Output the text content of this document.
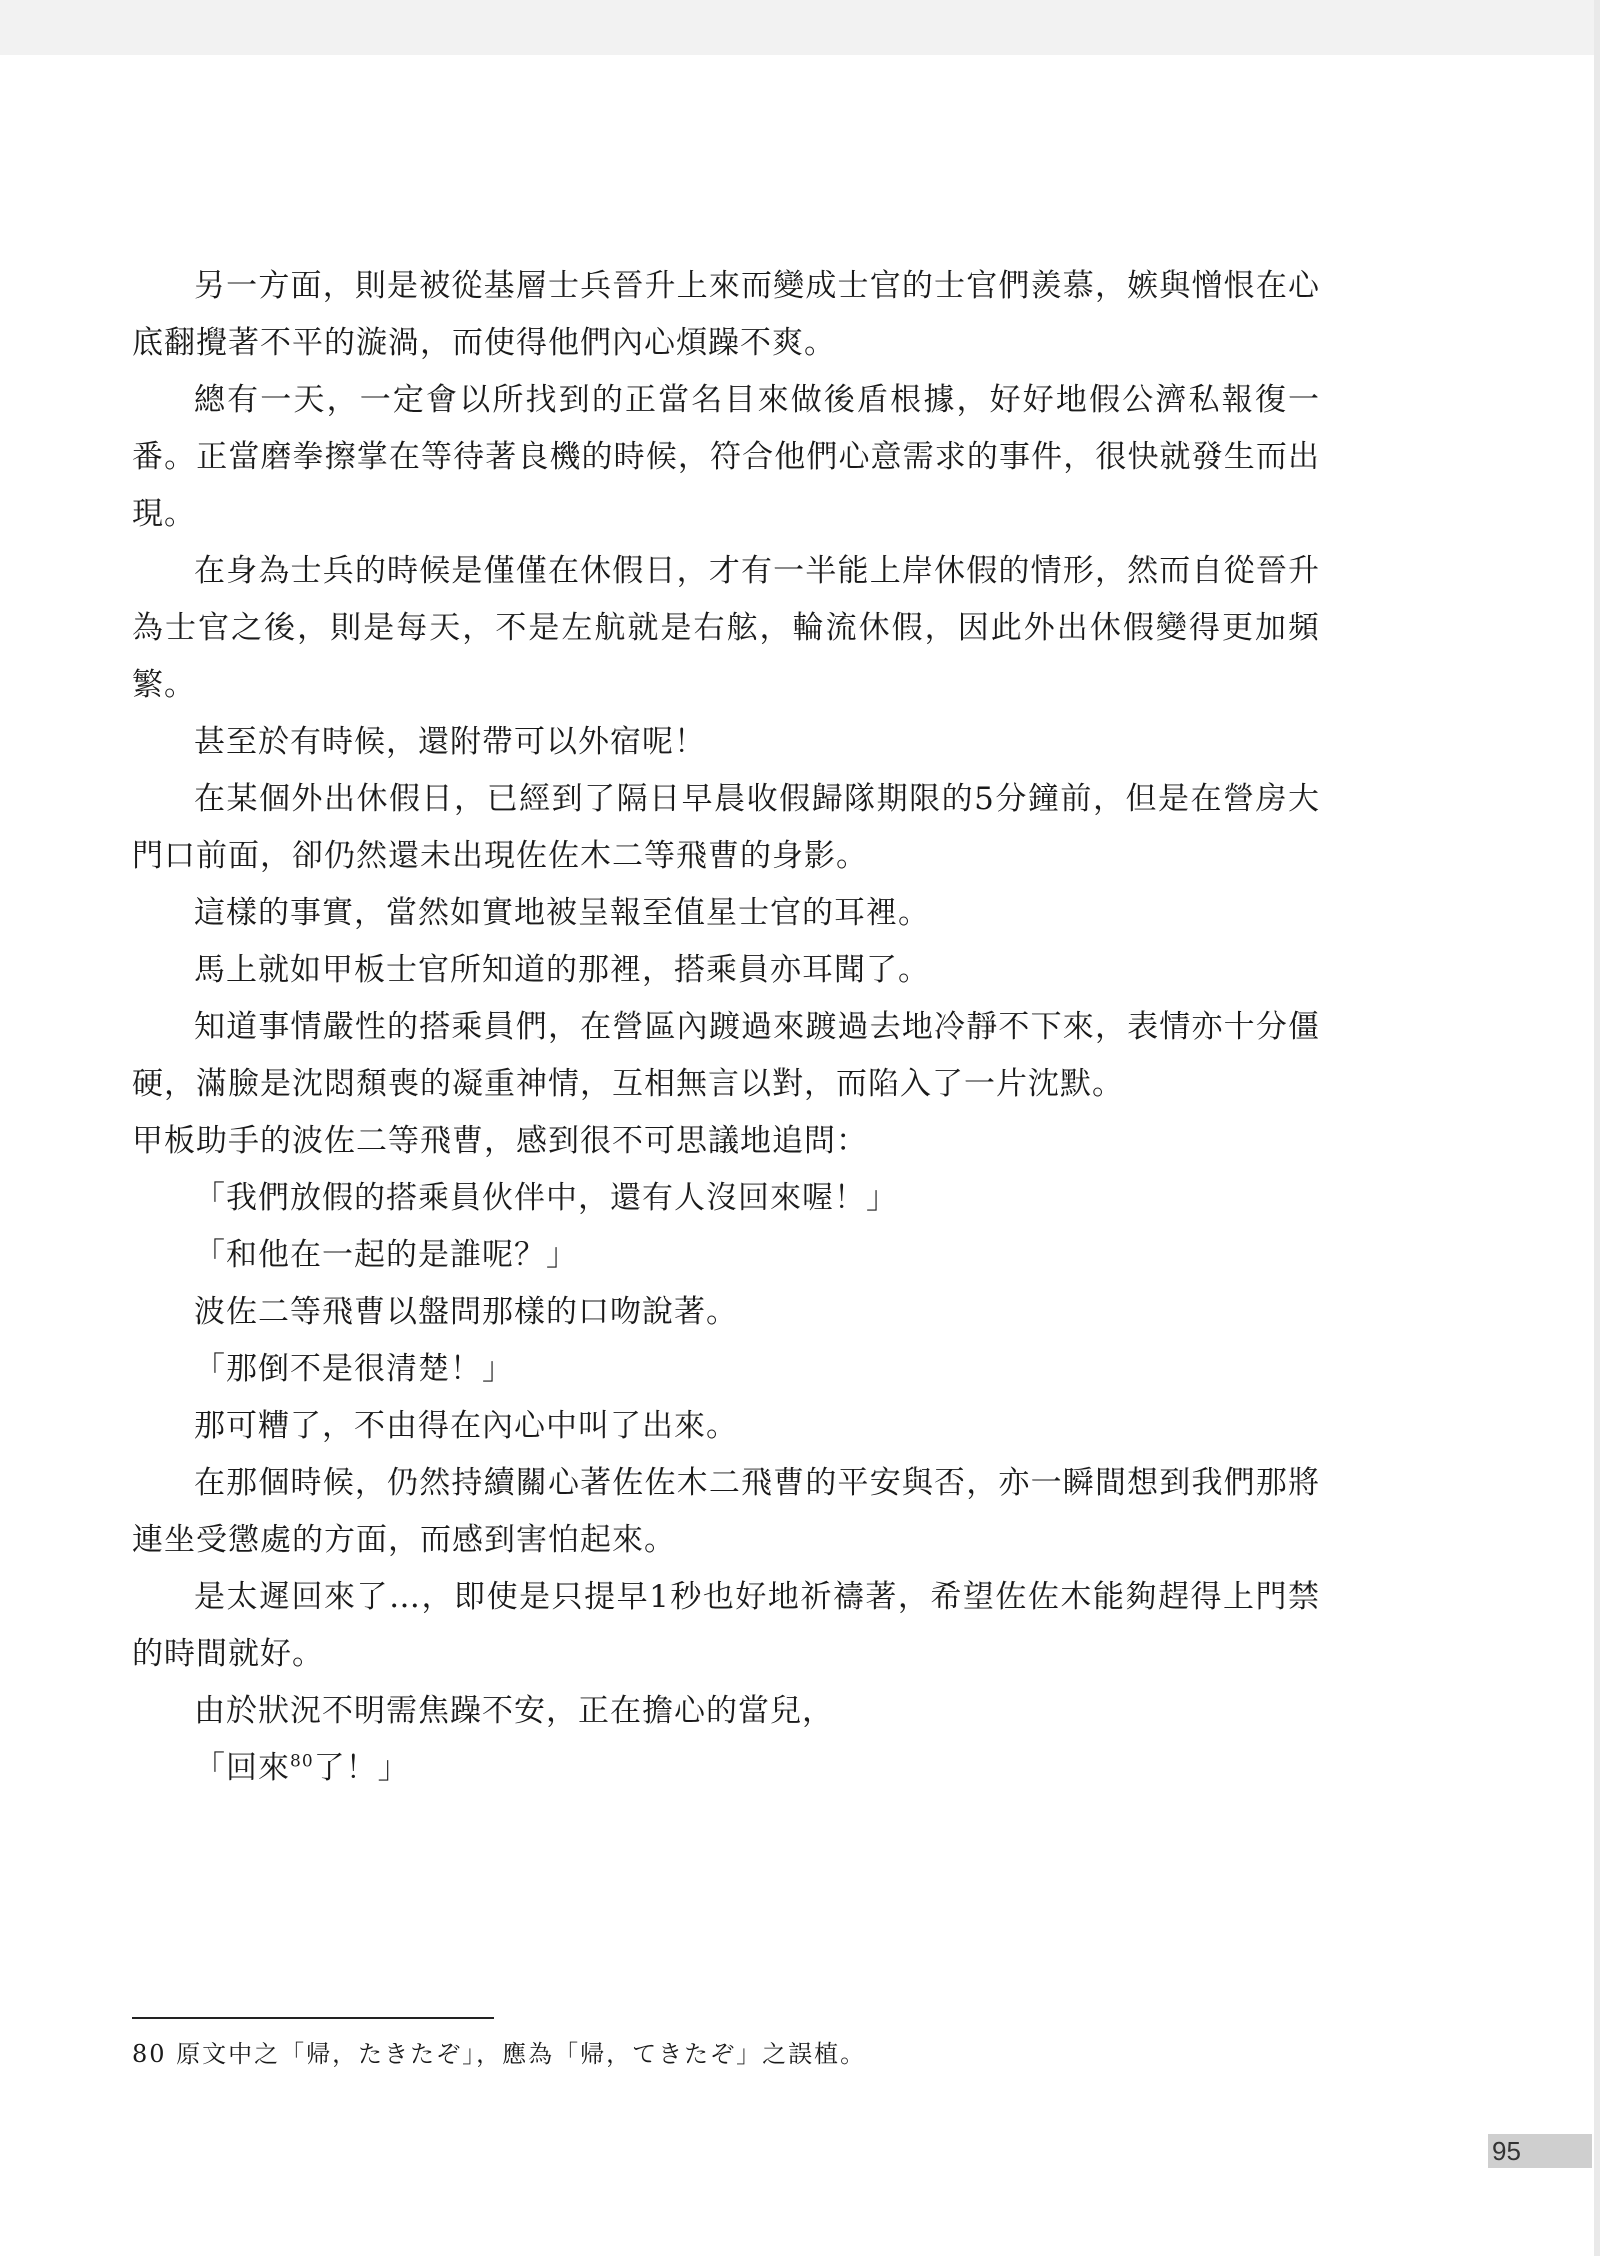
另一方面，則是被從基層士兵晉升上來而變成士官的士官們羨慕，嫉與憎恨在心底翻攪著不平的漩渦，而使得他們內心煩躁不爽。

總有一天，一定會以所找到的正當名目來做後盾根據，好好地假公濟私報復一番。正當磨拳擦掌在等待著良機的時候，符合他們心意需求的事件，很快就發生而出現。

在身為士兵的時候是僅僅在休假日，才有一半能上岸休假的情形，然而自從晉升為士官之後，則是每天，不是左航就是右舷，輪流休假，因此外出休假變得更加頻繁。

甚至於有時候，還附帶可以外宿呢！

在某個外出休假日，已經到了隔日早晨收假歸隊期限的5分鐘前，但是在營房大門口前面，卻仍然還未出現佐佐木二等飛曹的身影。

這樣的事實，當然如實地被呈報至值星士官的耳裡。

馬上就如甲板士官所知道的那裡，搭乘員亦耳聞了。

知道事情嚴性的搭乘員們，在營區內踱過來踱過去地冷靜不下來，表情亦十分僵硬，滿臉是沈悶頹喪的凝重神情，互相無言以對，而陷入了一片沈默。

甲板助手的波佐二等飛曹，感到很不可思議地追問：

「我們放假的搭乘員伙伴中，還有人沒回來喔！」

「和他在一起的是誰呢？」

波佐二等飛曹以盤問那樣的口吻說著。

「那倒不是很清楚！」

那可糟了，不由得在內心中叫了出來。

在那個時候，仍然持續關心著佐佐木二飛曹的平安與否，亦一瞬間想到我們那將連坐受懲處的方面，而感到害怕起來。

是太遲回來了…，即使是只提早1秒也好地祈禱著，希望佐佐木能夠趕得上門禁的時間就好。

由於狀況不明需焦躁不安，正在擔心的當兒，

「回來$^{80}$了！」

80 原文中之「帰，たきたぞ」，應為「帰，てきたぞ」之誤植。
95
